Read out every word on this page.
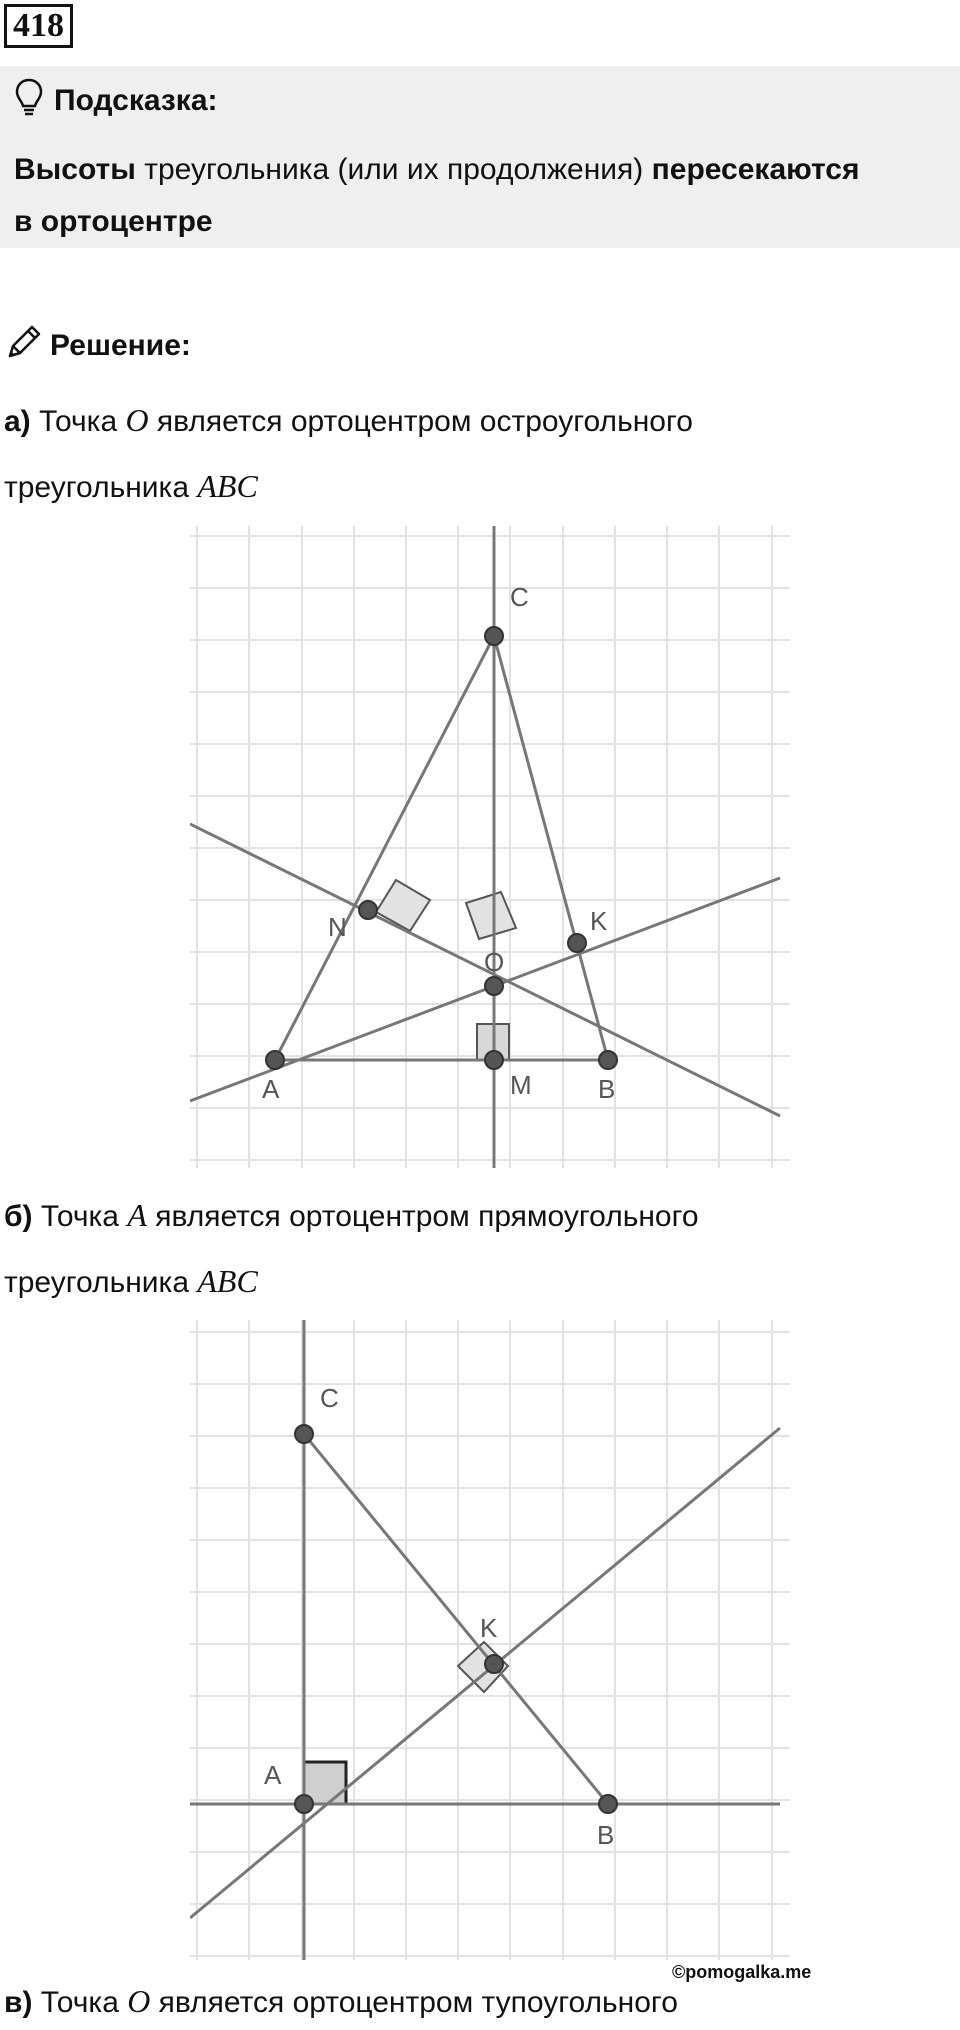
418
Подсказка:
Высоты треугольника (или их продолжения) пересекаются
в ортоцентре
Решение:
а) Точка O является ортоцентром остроугольного
треугольника ABC
C
N	K
O
A	M	B
б) Точка A является ортоцентром прямоугольного
треугольника ABC
C
K
A
B
©pomogalka.me
в) Точка O является ортоцентром тупоугольного
